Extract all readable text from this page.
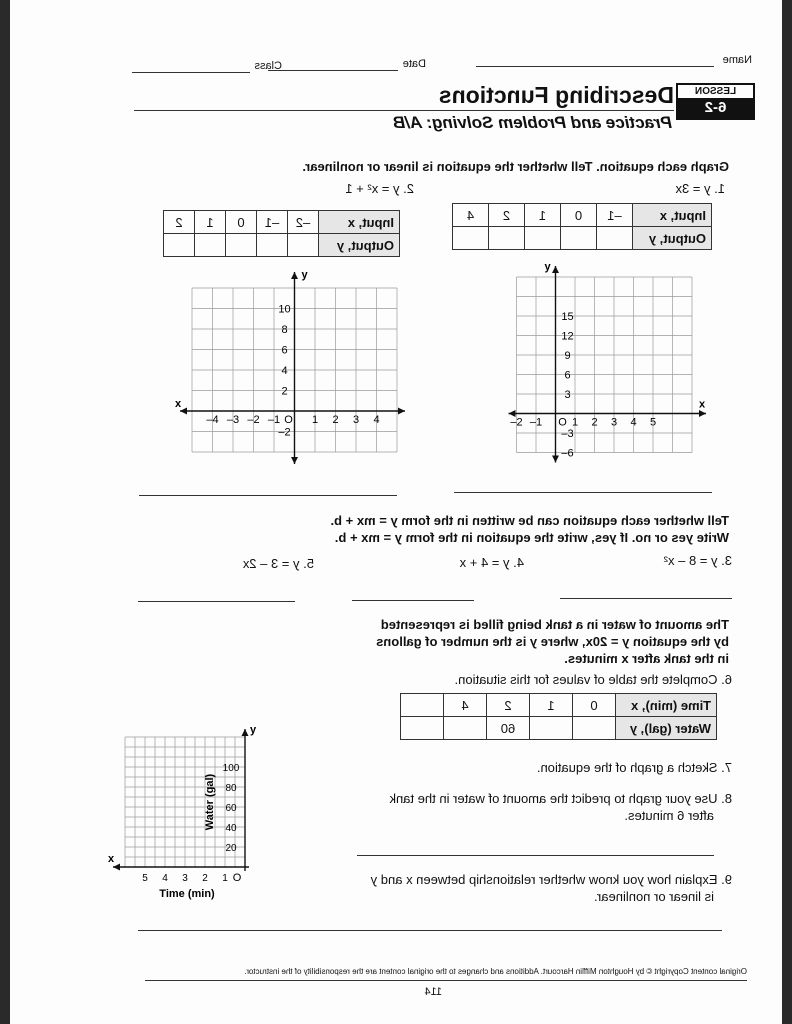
Name
Date
Class
LESSON
6-2
Describing Functions
Practice and Problem Solving: A/B
Graph each equation. Tell whether the equation is linear or nonlinear.
1. y = 3x
Input, x	–1	0	1	2	4
Output, y					
2. y = x² + 1
Input, x	–2	–1	0	1	2
Output, y					
y
x
O
15
12
9
6
3
–3
–6
–2 –1	1 2 3 4 5
y
x
O
10
8
6
4
2
–2
–4 –3 –2 –1	1 2 3 4
Tell whether each equation can be written in the form y = mx + b.
Write yes or no. If yes, write the equation in the form y = mx + b.
3. y = 8 – x²
4. y = 4 + x
5. y = 3 – 2x
The amount of water in a tank being filled is represented
by the equation y = 20x, where y is the number of gallons
in the tank after x minutes.
6. Complete the table of values for this situation.
Time (min), x	0	1	2	4	
Water (gal), y			60		
7. Sketch a graph of the equation.
8. Use your graph to predict the amount of water in the tank
after 6 minutes.
9. Explain how you know whether relationship between x and y
is linear or nonlinear.
y
x
O
100
80
60
40
20
1
2
3
4
5
Time (min)
Water (gal)
Original content Copyright © by Houghton Mifflin Harcourt. Additions and changes to the original content are the responsibility of the instructor.
114
